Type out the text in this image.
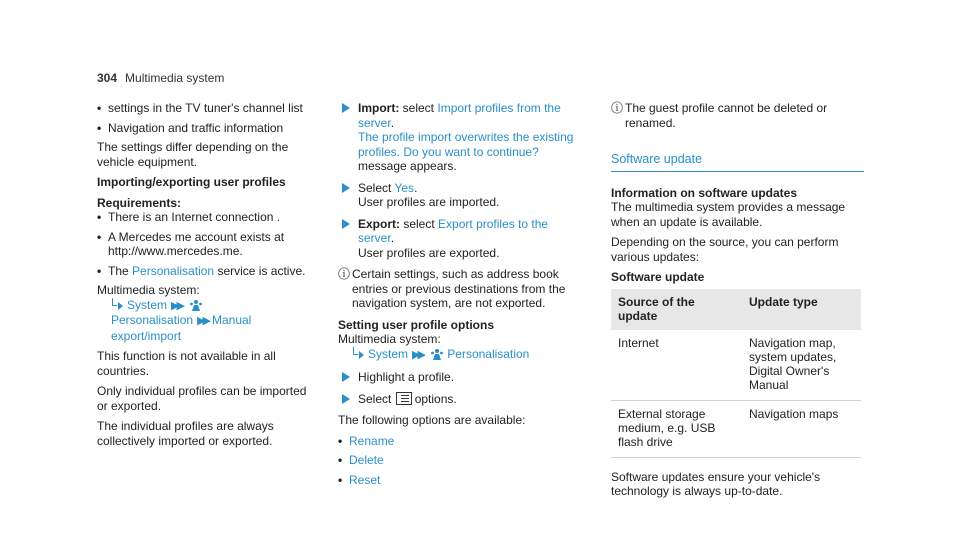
304 Multimedia system
• settings in the TV tuner's channel list
• Navigation and traffic information

The settings differ depending on the vehicle equipment.

Importing/exporting user profiles

Requirements:
• There is an Internet connection .
• A Mercedes me account exists at http://www.mercedes.me.
• The Personalisation service is active.
Multimedia system:
System ▶▶ Personalisation ▶▶ Manual export/import

This function is not available in all countries.

Only individual profiles can be imported or exported.

The individual profiles are always collectively imported or exported.

Import: select Import profiles from the server.
The profile import overwrites the existing profiles. Do you want to continue? message appears.
Select Yes.
User profiles are imported.
Export: select Export profiles to the server.
User profiles are exported.
ⓘ Certain settings, such as address book entries or previous destinations from the navigation system, are not exported.
Setting user profile options
Multimedia system:
System ▶▶ Personalisation
Highlight a profile.
Select options.

The following options are available:

• Rename
• Delete
• Reset
ⓘ The guest profile cannot be deleted or renamed.
Software update
Information on software updates

The multimedia system provides a message when an update is available.

Depending on the source, you can perform various updates:

Software update
Source of the update	Update type
Internet	Navigation map, system updates, Digital Owner's Manual
External storage medium, e.g. USB flash drive	Navigation maps

Software updates ensure your vehicle's technology is always up-to-date.
